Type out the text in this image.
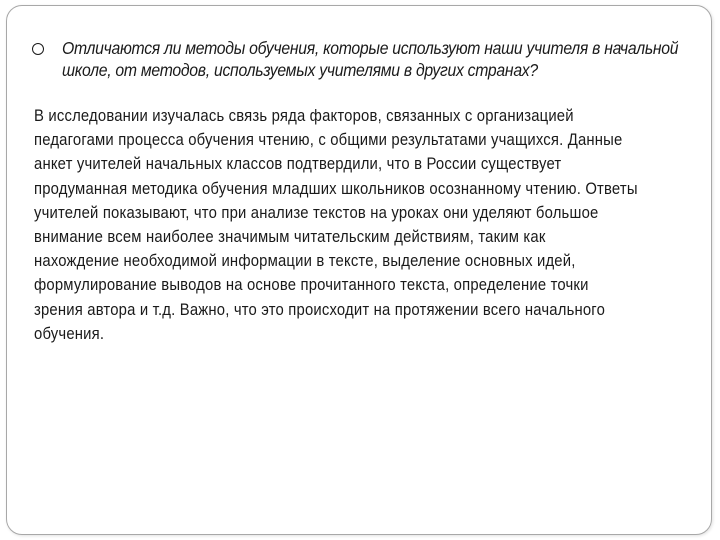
Отличаются ли методы обучения, которые используют наши учителя в начальной
школе, от методов, используемых учителями в других странах?

В исследовании изучалась связь ряда факторов, связанных с организацией
педагогами процесса обучения чтению, с общими результатами учащихся. Данные
анкет учителей начальных классов подтвердили, что в России существует
продуманная методика обучения младших школьников осознанному чтению. Ответы
учителей показывают, что при анализе текстов на уроках они уделяют большое
внимание всем наиболее значимым читательским действиям, таким как
нахождение необходимой информации в тексте, выделение основных идей,
формулирование выводов на основе прочитанного текста, определение точки
зрения автора и т.д. Важно, что это происходит на протяжении всего начального
обучения.
